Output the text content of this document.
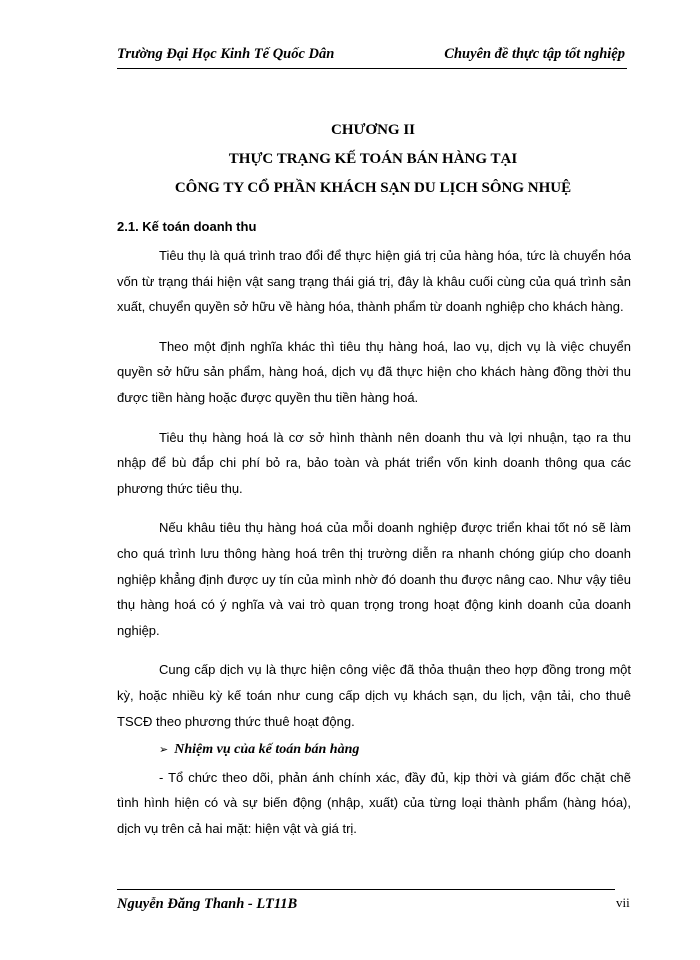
Trường Đại Học Kinh Tế Quốc Dân	Chuyên đề thực tập tốt nghiệp
CHƯƠNG II
THỰC TRẠNG KẾ TOÁN BÁN HÀNG TẠI
CÔNG TY CỔ PHẦN KHÁCH SẠN DU LỊCH SÔNG NHUỆ
2.1. Kế toán doanh thu

Tiêu thụ là quá trình trao đổi để thực hiện giá trị của hàng hóa, tức là chuyển hóa vốn từ trạng thái hiện vật sang trạng thái giá trị, đây là khâu cuối cùng của quá trình sản xuất, chuyển quyền sở hữu về hàng hóa, thành phẩm từ doanh nghiệp cho khách hàng.

Theo một định nghĩa khác thì tiêu thụ hàng hoá, lao vụ, dịch vụ là việc chuyển quyền sở hữu sản phẩm, hàng hoá, dịch vụ đã thực hiện cho khách hàng đồng thời thu được tiền hàng hoặc được quyền thu tiền hàng hoá.

Tiêu thụ hàng hoá là cơ sở hình thành nên doanh thu và lợi nhuận, tạo ra thu nhập để bù đắp chi phí bỏ ra, bảo toàn và phát triển vốn kinh doanh thông qua các phương thức tiêu thụ.

Nếu khâu tiêu thụ hàng hoá của mỗi doanh nghiệp được triển khai tốt nó sẽ làm cho quá trình lưu thông hàng hoá trên thị trường diễn ra nhanh chóng giúp cho doanh nghiệp khẳng định được uy tín của mình nhờ đó doanh thu được nâng cao. Như vậy tiêu thụ hàng hoá có ý nghĩa và vai trò quan trọng trong hoạt động kinh doanh của doanh nghiệp.

Cung cấp dịch vụ là thực hiện công việc đã thỏa thuận theo hợp đồng trong một kỳ, hoặc nhiều kỳ kế toán như cung cấp dịch vụ khách sạn, du lịch, vận tải, cho thuê TSCĐ theo phương thức thuê hoạt động.

➢ Nhiệm vụ của kế toán bán hàng

- Tổ chức theo dõi, phản ánh chính xác, đầy đủ, kịp thời và giám đốc chặt chẽ tình hình hiện có và sự biến động (nhập, xuất) của từng loại thành phẩm (hàng hóa), dịch vụ trên cả hai mặt: hiện vật và giá trị.

Nguyễn Đăng Thanh - LT11B	vii
